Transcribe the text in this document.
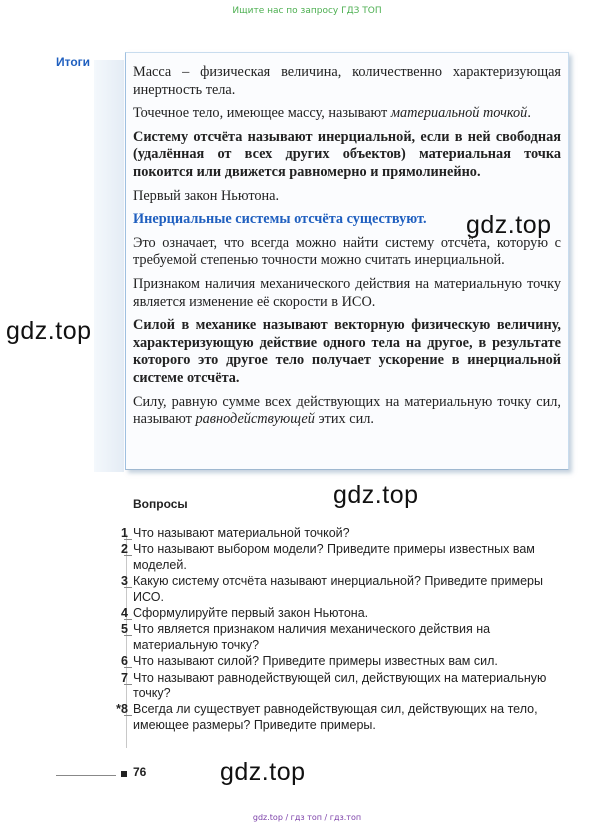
Ищите нас по запросу ГДЗ ТОП
Итоги

Масса – физическая величина, количественно характеризующая инертность тела.

Точечное тело, имеющее массу, называют материальной точкой.

Систему отсчёта называют инерциальной, если в ней свободная (удалённая от всех других объектов) материальная точка покоится или движется равномерно и прямолинейно.

Первый закон Ньютона.

Инерциальные системы отсчёта существуют.

Это означает, что всегда можно найти систему отсчёта, которую с требуемой степенью точности можно считать инерциальной.

Признаком наличия механического действия на материальную точку является изменение её скорости в ИСО.

Силой в механике называют векторную физическую величину, характеризующую действие одного тела на другое, в результате которого это другое тело получает ускорение в инерциальной системе отсчёта.

Силу, равную сумме всех действующих на материальную точку сил, называют равнодействующей этих сил.

Вопросы
1 Что называют материальной точкой?
2 Что называют выбором модели? Приведите примеры известных вам моделей.
3 Какую систему отсчёта называют инерциальной? Приведите примеры ИСО.
4 Сформулируйте первый закон Ньютона.
5 Что является признаком наличия механического действия на материальную точку?
6 Что называют силой? Приведите примеры известных вам сил.
7 Что называют равнодействующей сил, действующих на материальную точку?
*8 Всегда ли существует равнодействующая сил, действующих на тело, имеющее размеры? Приведите примеры.
76
gdz.top
gdz.top
gdz.top
gdz.top
gdz.top / гдз топ / гдз.топ
